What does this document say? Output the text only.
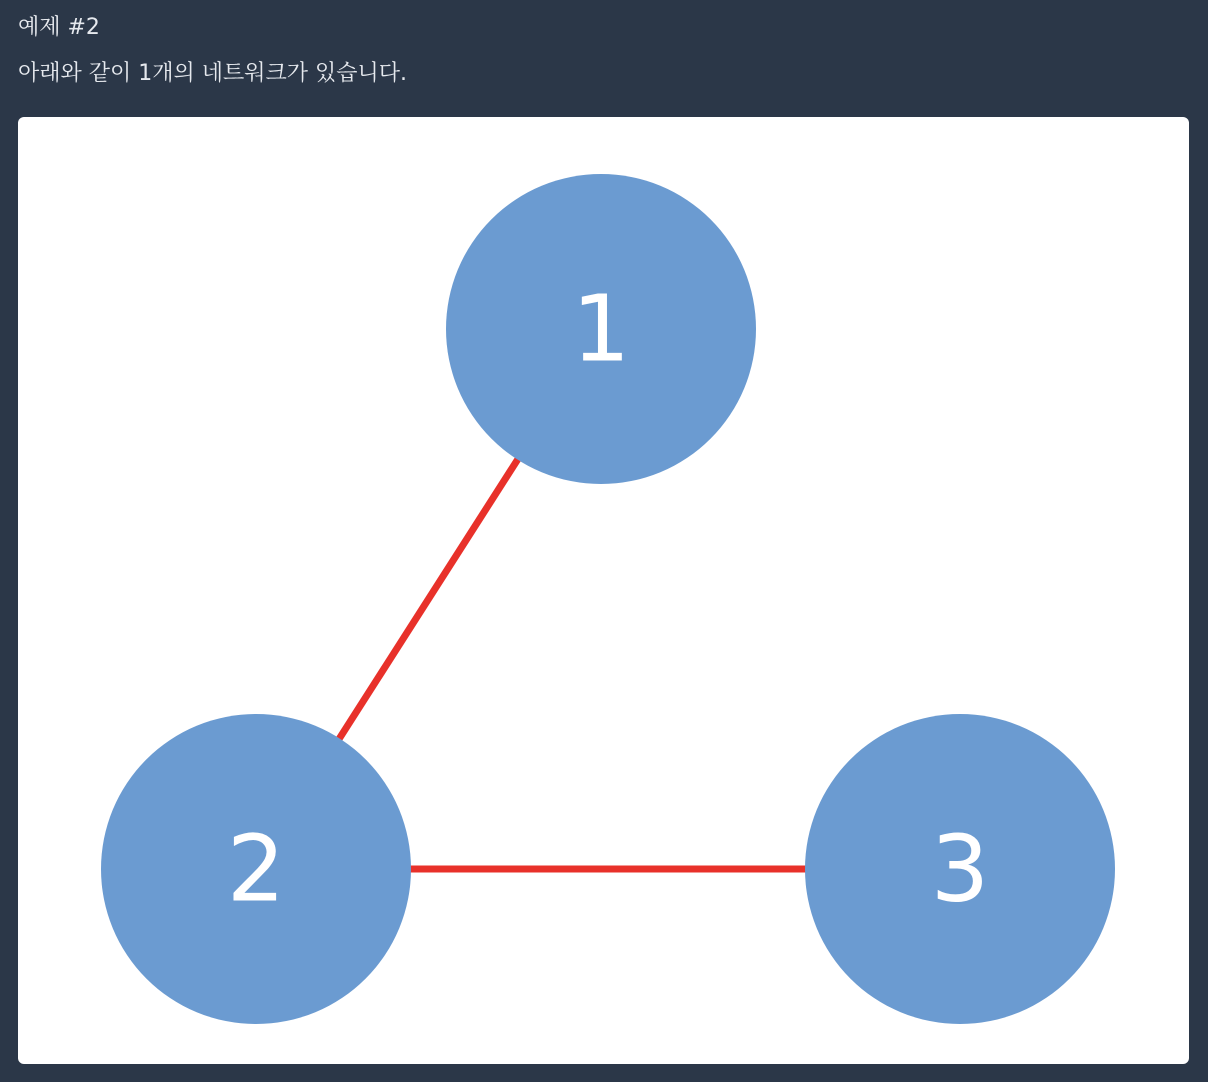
예제 #2

아래와 같이 1개의 네트워크가 있습니다.

1
2	3
